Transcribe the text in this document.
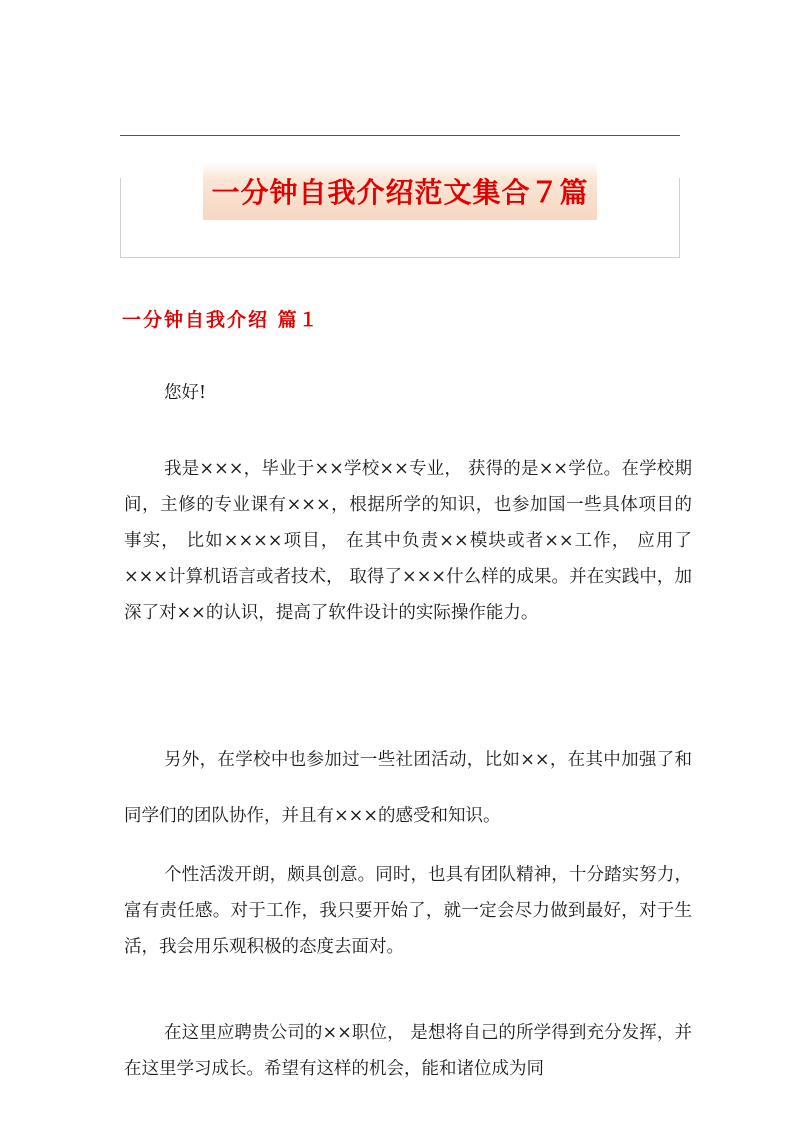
一分钟自我介绍范文集合７篇
一分钟自我介绍 篇１

您好!

我是×××，毕业于××学校××专业， 获得的是××学位。在学校期间，主修的专业课有×××，根据所学的知识，也参加国一些具体项目的事实， 比如××××项目， 在其中负责××模块或者××工作， 应用了×××计算机语言或者技术， 取得了×××什么样的成果。并在实践中，加深了对××的认识，提高了软件设计的实际操作能力。

另外，在学校中也参加过一些社团活动，比如××，在其中加强了和同学们的团队协作，并且有×××的感受和知识。

个性活泼开朗，颇具创意。同时，也具有团队精神，十分踏实努力，富有责任感。对于工作，我只要开始了，就一定会尽力做到最好，对于生活，我会用乐观积极的态度去面对。

在这里应聘贵公司的××职位， 是想将自己的所学得到充分发挥，并在这里学习成长。希望有这样的机会，能和诸位成为同
